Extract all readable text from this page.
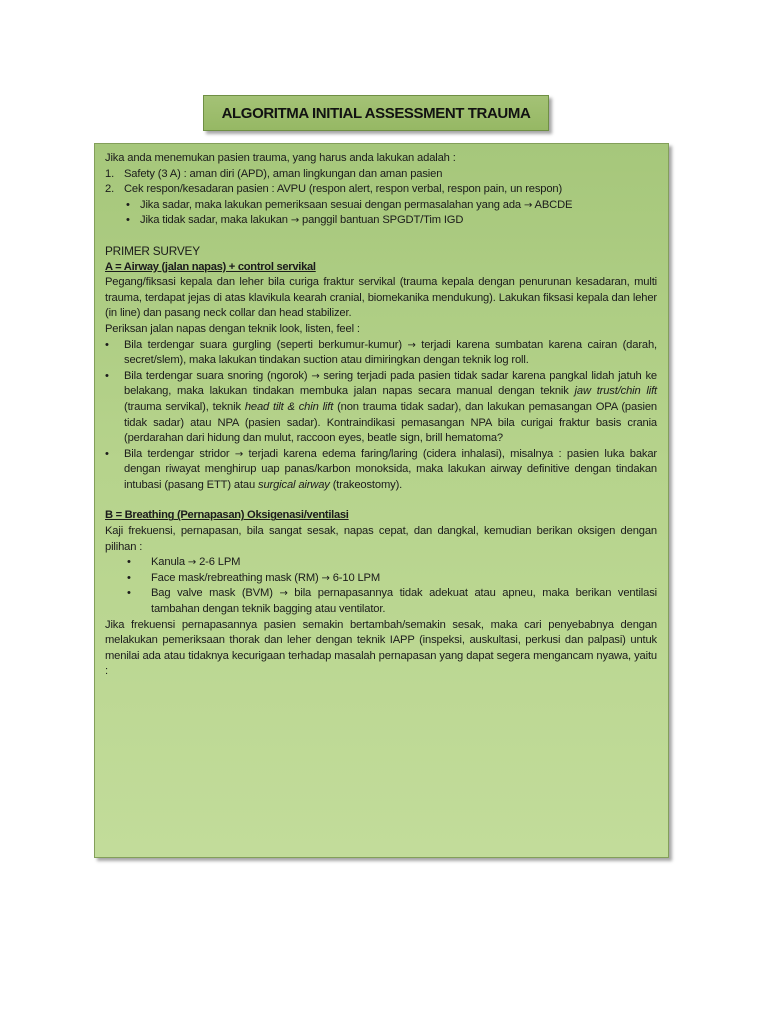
ALGORITMA INITIAL ASSESSMENT TRAUMA

Jika anda menemukan pasien trauma, yang harus anda lakukan adalah :

1. Safety (3 A) : aman diri (APD), aman lingkungan dan aman pasien
2. Cek respon/kesadaran pasien : AVPU (respon alert, respon verbal, respon pain, un respon)
• Jika sadar, maka lakukan pemeriksaan sesuai dengan permasalahan yang ada → ABCDE
• Jika tidak sadar, maka lakukan → panggil bantuan SPGDT/Tim IGD

PRIMER SURVEY

A = Airway (jalan napas) + control servikal

Pegang/fiksasi kepala dan leher bila curiga fraktur servikal (trauma kepala dengan penurunan kesadaran, multi trauma, terdapat jejas di atas klavikula kearah cranial, biomekanika mendukung). Lakukan fiksasi kepala dan leher (in line) dan pasang neck collar dan head stabilizer.

Periksan jalan napas dengan teknik look, listen, feel :

•	Bila terdengar suara gurgling (seperti berkumur-kumur) → terjadi karena sumbatan karena cairan (darah, secret/slem), maka lakukan tindakan suction atau dimiringkan dengan teknik log roll.
•	Bila terdengar suara snoring (ngorok) → sering terjadi pada pasien tidak sadar karena pangkal lidah jatuh ke belakang, maka lakukan tindakan membuka jalan napas secara manual dengan teknik jaw trust/chin lift (trauma servikal), teknik head tilt & chin lift (non trauma tidak sadar), dan lakukan pemasangan OPA (pasien tidak sadar) atau NPA (pasien sadar). Kontraindikasi pemasangan NPA bila curigai fraktur basis crania (perdarahan dari hidung dan mulut, raccoon eyes, beatle sign, brill hematoma?
•	Bila terdengar stridor → terjadi karena edema faring/laring (cidera inhalasi), misalnya : pasien luka bakar dengan riwayat menghirup uap panas/karbon monoksida, maka lakukan airway definitive dengan tindakan intubasi (pasang ETT) atau surgical airway (trakeostomy).

B = Breathing (Pernapasan) Oksigenasi/ventilasi

Kaji frekuensi, pernapasan, bila sangat sesak, napas cepat, dan dangkal, kemudian berikan oksigen dengan pilihan :

•	Kanula → 2-6 LPM
•	Face mask/rebreathing mask (RM) → 6-10 LPM
•	Bag valve mask (BVM) → bila pernapasannya tidak adekuat atau apneu, maka berikan ventilasi tambahan dengan teknik bagging atau ventilator.

Jika frekuensi pernapasannya pasien semakin bertambah/semakin sesak, maka cari penyebabnya dengan melakukan pemeriksaan thorak dan leher dengan teknik IAPP (inspeksi, auskultasi, perkusi dan palpasi) untuk menilai ada atau tidaknya kecurigaan terhadap masalah pernapasan yang dapat segera mengancam nyawa, yaitu :
